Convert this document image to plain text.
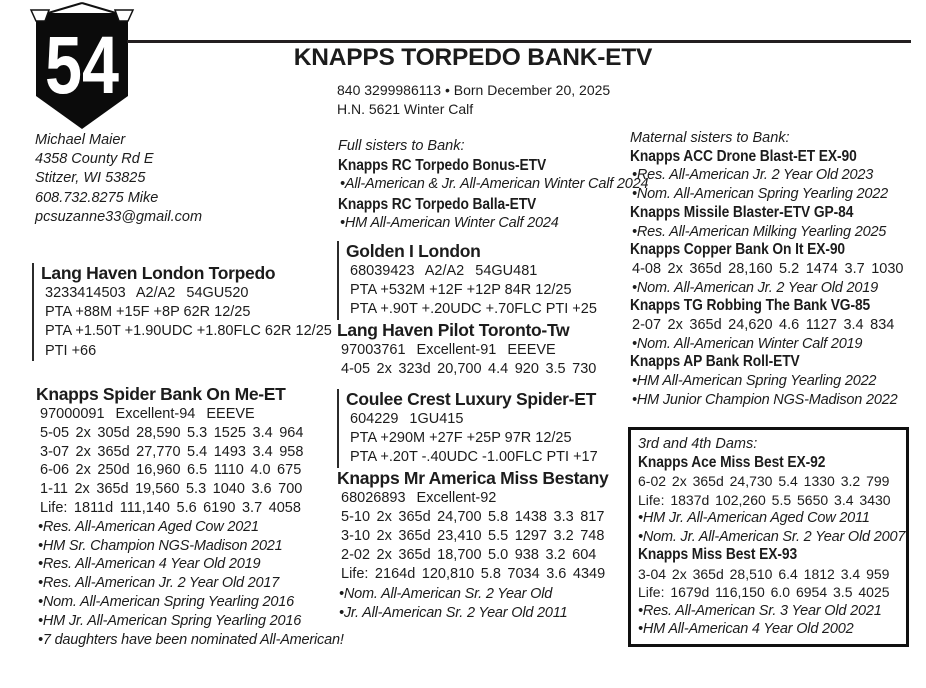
54	KNAPPS TORPEDO BANK-ETV
840 3299986113 • Born December 20, 2025
H.N. 5621 Winter Calf
Michael Maier
4358 County Rd E
Stitzer, WI 53825
608.732.8275 Mike
pcsuzanne33@gmail.com
Lang Haven London Torpedo
3233414503 A2/A2 54GU520
PTA +88M +15F +8P 62R 12/25
PTA +1.50T +1.90UDC +1.80FLC 62R 12/25
PTI +66
Knapps Spider Bank On Me-ET
97000091 Excellent-94 EEEVE
5-05 2x 305d 28,590 5.3 1525 3.4 964
3-07 2x 365d 27,770 5.4 1493 3.4 958
6-06 2x 250d 16,960 6.5 1110 4.0 675
1-11 2x 365d 19,560 5.3 1040 3.6 700
Life: 1811d 111,140 5.6 6190 3.7 4058
•Res. All-American Aged Cow 2021
•HM Sr. Champion NGS-Madison 2021
•Res. All-American 4 Year Old 2019
•Res. All-American Jr. 2 Year Old 2017
•Nom. All-American Spring Yearling 2016
•HM Jr. All-American Spring Yearling 2016
•7 daughters have been nominated All-American!
Full sisters to Bank:
Knapps RC Torpedo Bonus-ETV
•All-American & Jr. All-American Winter Calf 2024
Knapps RC Torpedo Balla-ETV
•HM All-American Winter Calf 2024
Golden I London
68039423 A2/A2 54GU481
PTA +532M +12F +12P 84R 12/25
PTA +.90T +.20UDC +.70FLC PTI +25
Lang Haven Pilot Toronto-Tw
97003761 Excellent-91 EEEVE
4-05 2x 323d 20,700 4.4 920 3.5 730
Coulee Crest Luxury Spider-ET
604229 1GU415
PTA +290M +27F +25P 97R 12/25
PTA +.20T -.40UDC -1.00FLC PTI +17
Knapps Mr America Miss Bestany
68026893 Excellent-92
5-10 2x 365d 24,700 5.8 1438 3.3 817
3-10 2x 365d 23,410 5.5 1297 3.2 748
2-02 2x 365d 18,700 5.0 938 3.2 604
Life: 2164d 120,810 5.8 7034 3.6 4349
•Nom. All-American Sr. 2 Year Old
•Jr. All-American Sr. 2 Year Old 2011
Maternal sisters to Bank:
Knapps ACC Drone Blast-ET EX-90
•Res. All-American Jr. 2 Year Old 2023
•Nom. All-American Spring Yearling 2022
Knapps Missile Blaster-ETV GP-84
•Res. All-American Milking Yearling 2025
Knapps Copper Bank On It EX-90
4-08 2x 365d 28,160 5.2 1474 3.7 1030
•Nom. All-American Jr. 2 Year Old 2019
Knapps TG Robbing The Bank VG-85
2-07 2x 365d 24,620 4.6 1127 3.4 834
•Nom. All-American Winter Calf 2019
Knapps AP Bank Roll-ETV
•HM All-American Spring Yearling 2022
•HM Junior Champion NGS-Madison 2022
3rd and 4th Dams:
Knapps Ace Miss Best EX-92
6-02 2x 365d 24,730 5.4 1330 3.2 799
Life: 1837d 102,260 5.5 5650 3.4 3430
•HM Jr. All-American Aged Cow 2011
•Nom. Jr. All-American Sr. 2 Year Old 2007
Knapps Miss Best EX-93
3-04 2x 365d 28,510 6.4 1812 3.4 959
Life: 1679d 116,150 6.0 6954 3.5 4025
•Res. All-American Sr. 3 Year Old 2021
•HM All-American 4 Year Old 2002
